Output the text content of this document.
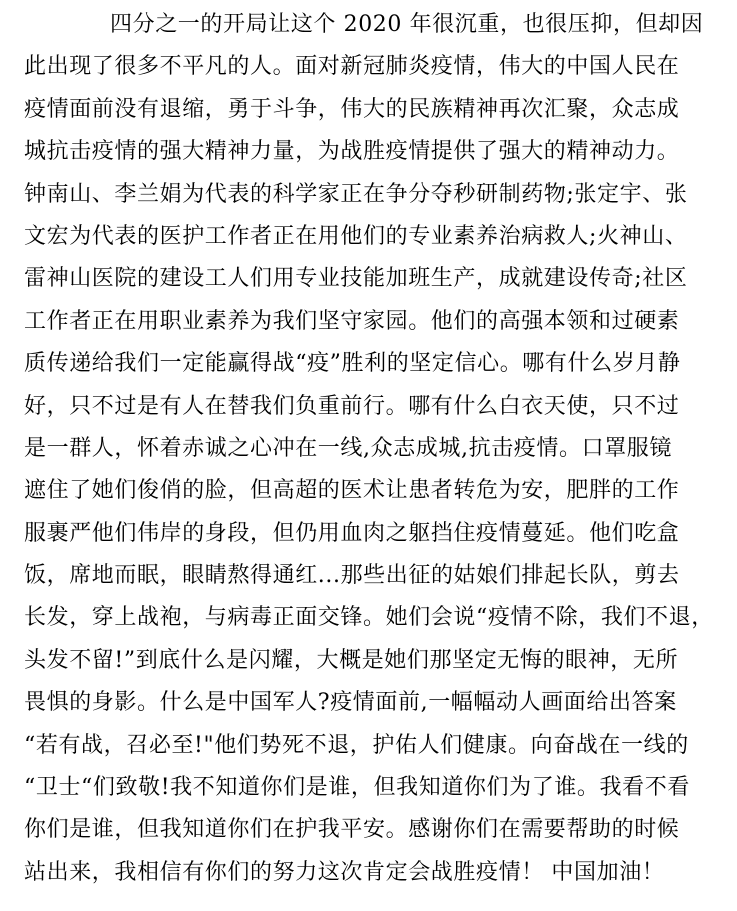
四分之一的开局让这个 2020 年很沉重，也很压抑，但却因
此出现了很多不平凡的人。面对新冠肺炎疫情，伟大的中国人民在
疫情面前没有退缩，勇于斗争，伟大的民族精神再次汇聚，众志成
城抗击疫情的强大精神力量，为战胜疫情提供了强大的精神动力。
钟南山、李兰娟为代表的科学家正在争分夺秒研制药物;张定宇、张
文宏为代表的医护工作者正在用他们的专业素养治病救人;火神山、
雷神山医院的建设工人们用专业技能加班生产，成就建设传奇;社区
工作者正在用职业素养为我们坚守家园。他们的高强本领和过硬素
质传递给我们一定能赢得战“疫”胜利的坚定信心。哪有什么岁月静
好，只不过是有人在替我们负重前行。哪有什么白衣天使，只不过
是一群人，怀着赤诚之心冲在一线,众志成城,抗击疫情。口罩服镜
遮住了她们俊俏的脸，但高超的医术让患者转危为安，肥胖的工作
服裹严他们伟岸的身段，但仍用血肉之躯挡住疫情蔓延。他们吃盒
饭，席地而眠，眼睛熬得通红...那些出征的姑娘们排起长队，剪去
长发，穿上战袍，与病毒正面交锋。她们会说“疫情不除，我们不退，
头发不留!”到底什么是闪耀，大概是她们那坚定无悔的眼神，无所
畏惧的身影。什么是中国军人?疫情面前,一幅幅动人画面给出答案
“若有战，召必至!"他们势死不退，护佑人们健康。向奋战在一线的
“卫士“们致敬!我不知道你们是谁，但我知道你们为了谁。我看不看
你们是谁，但我知道你们在护我平安。感谢你们在需要帮助的时候
站出来，我相信有你们的努力这次肯定会战胜疫情！ 中国加油！
